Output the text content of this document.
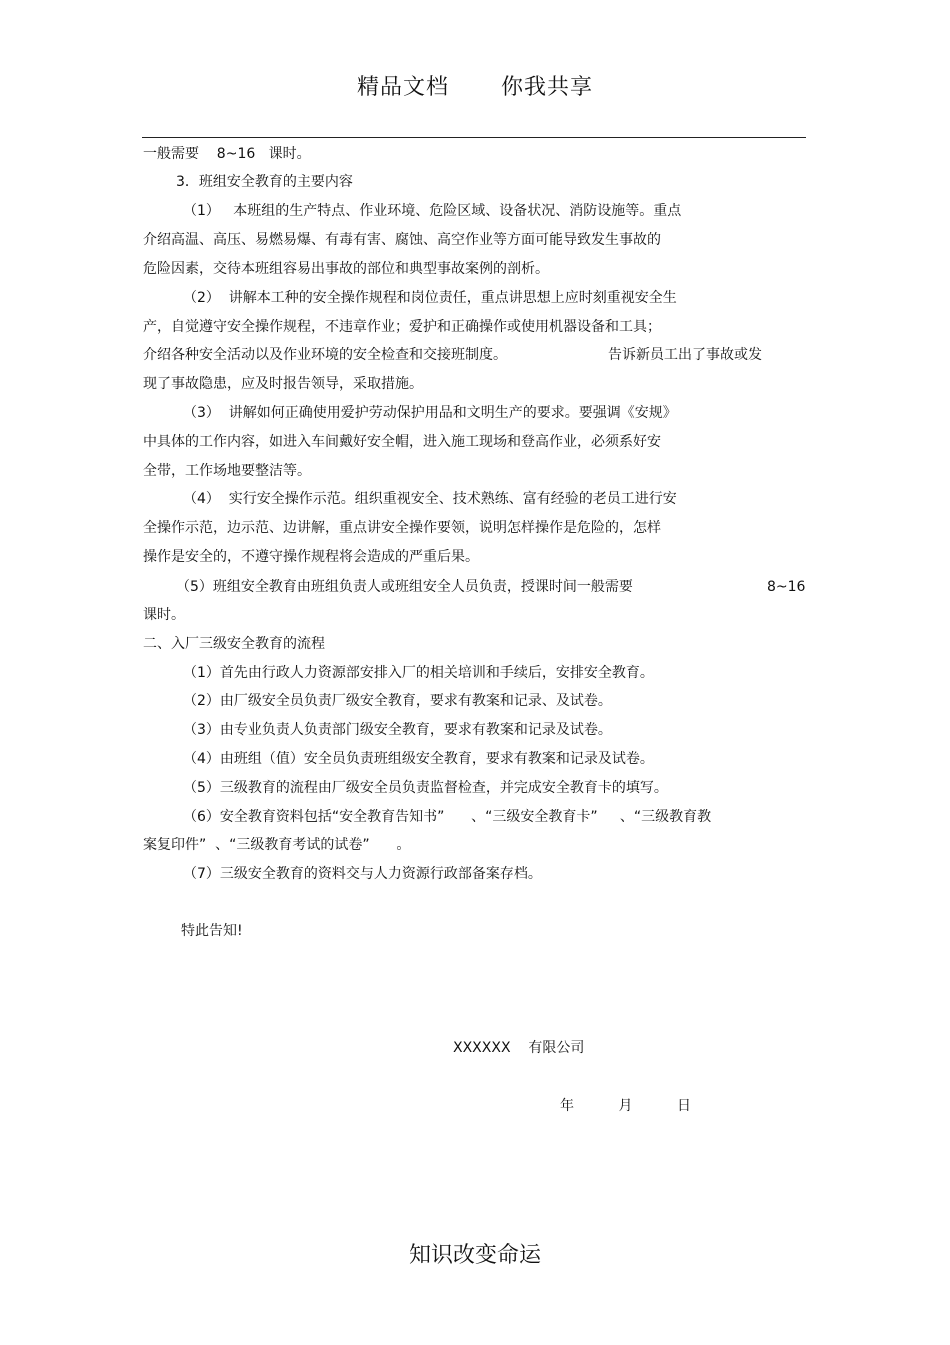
精品文档 你我共享
一般需要    8~16   课时。
3．班组安全教育的主要内容
（1）   本班组的生产特点、作业环境、危险区域、设备状况、消防设施等。重点
介绍高温、高压、易燃易爆、有毒有害、腐蚀、高空作业等方面可能导致发生事故的
危险因素，交待本班组容易出事故的部位和典型事故案例的剖析。
（2）  讲解本工种的安全操作规程和岗位责任，重点讲思想上应时刻重视安全生
产，自觉遵守安全操作规程，不违章作业；爱护和正确操作或使用机器设备和工具；
介绍各种安全活动以及作业环境的安全检查和交接班制度。	告诉新员工出了事故或发
现了事故隐患，应及时报告领导，采取措施。
（3）  讲解如何正确使用爱护劳动保护用品和文明生产的要求。要强调《安规》
中具体的工作内容，如进入车间戴好安全帽，进入施工现场和登高作业，必须系好安
全带，工作场地要整洁等。
（4）  实行安全操作示范。组织重视安全、技术熟练、富有经验的老员工进行安
全操作示范，边示范、边讲解，重点讲安全操作要领，说明怎样操作是危险的，怎样
操作是安全的，不遵守操作规程将会造成的严重后果。
（5）班组安全教育由班组负责人或班组安全人员负责，授课时间一般需要	8~16
课时。
二、入厂三级安全教育的流程
（1）首先由行政人力资源部安排入厂的相关培训和手续后，安排安全教育。
（2）由厂级安全员负责厂级安全教育，要求有教案和记录、及试卷。
（3）由专业负责人负责部门级安全教育，要求有教案和记录及试卷。
（4）由班组（值）安全员负责班组级安全教育，要求有教案和记录及试卷。
（5）三级教育的流程由厂级安全员负责监督检查，并完成安全教育卡的填写。
（6）安全教育资料包括“安全教育告知书”      、“三级安全教育卡”     、“三级教育教
案复印件”  、“三级教育考试的试卷”      。
（7）三级安全教育的资料交与人力资源行政部备案存档。
特此告知!
XXXXXX    有限公司
年          月          日
知识改变命运
